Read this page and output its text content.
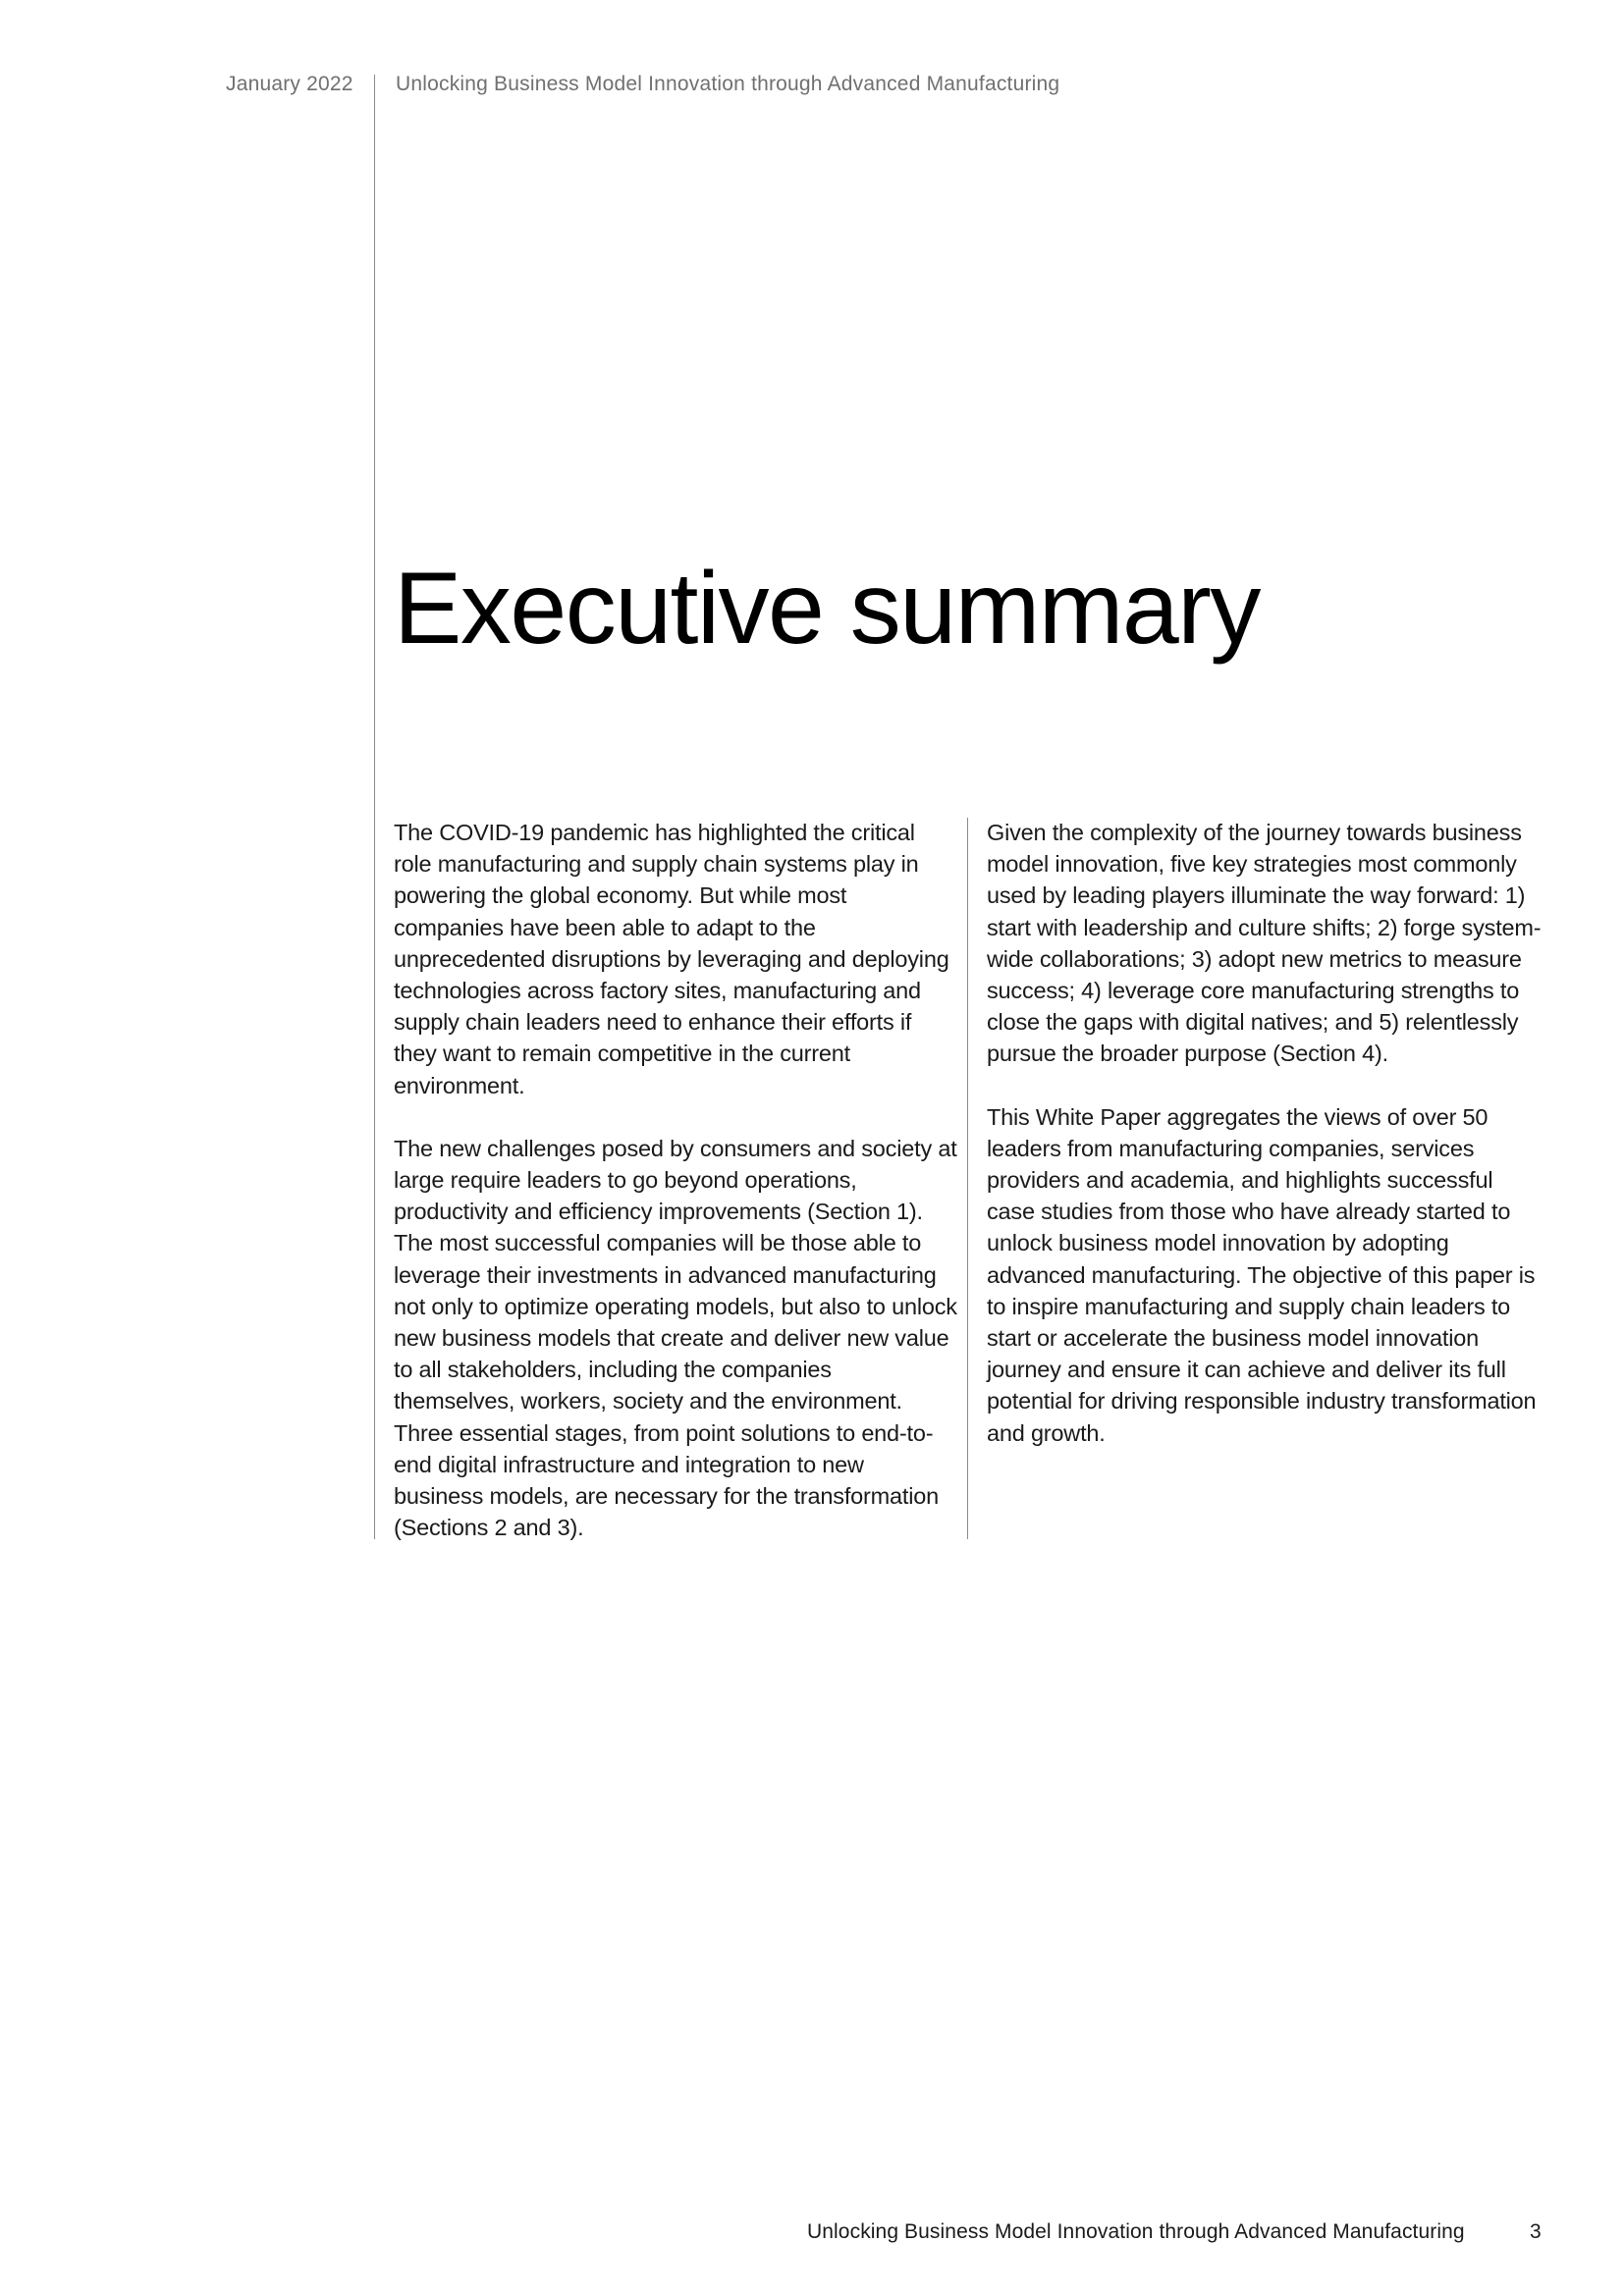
January 2022 Unlocking Business Model Innovation through Advanced Manufacturing
Executive summary

The COVID-19 pandemic has highlighted the critical role manufacturing and supply chain systems play in powering the global economy. But while most companies have been able to adapt to the unprecedented disruptions by leveraging and deploying technologies across factory sites, manufacturing and supply chain leaders need to enhance their efforts if they want to remain competitive in the current environment.

The new challenges posed by consumers and society at large require leaders to go beyond operations, productivity and efficiency improvements (Section 1). The most successful companies will be those able to leverage their investments in advanced manufacturing not only to optimize operating models, but also to unlock new business models that create and deliver new value to all stakeholders, including the companies themselves, workers, society and the environment. Three essential stages, from point solutions to end-to-end digital infrastructure and integration to new business models, are necessary for the transformation (Sections 2 and 3).

Given the complexity of the journey towards business model innovation, five key strategies most commonly used by leading players illuminate the way forward: 1) start with leadership and culture shifts; 2) forge system-wide collaborations; 3) adopt new metrics to measure success; 4) leverage core manufacturing strengths to close the gaps with digital natives; and 5) relentlessly pursue the broader purpose (Section 4).

This White Paper aggregates the views of over 50 leaders from manufacturing companies, services providers and academia, and highlights successful case studies from those who have already started to unlock business model innovation by adopting advanced manufacturing. The objective of this paper is to inspire manufacturing and supply chain leaders to start or accelerate the business model innovation journey and ensure it can achieve and deliver its full potential for driving responsible industry transformation and growth.

Unlocking Business Model Innovation through Advanced Manufacturing	3
